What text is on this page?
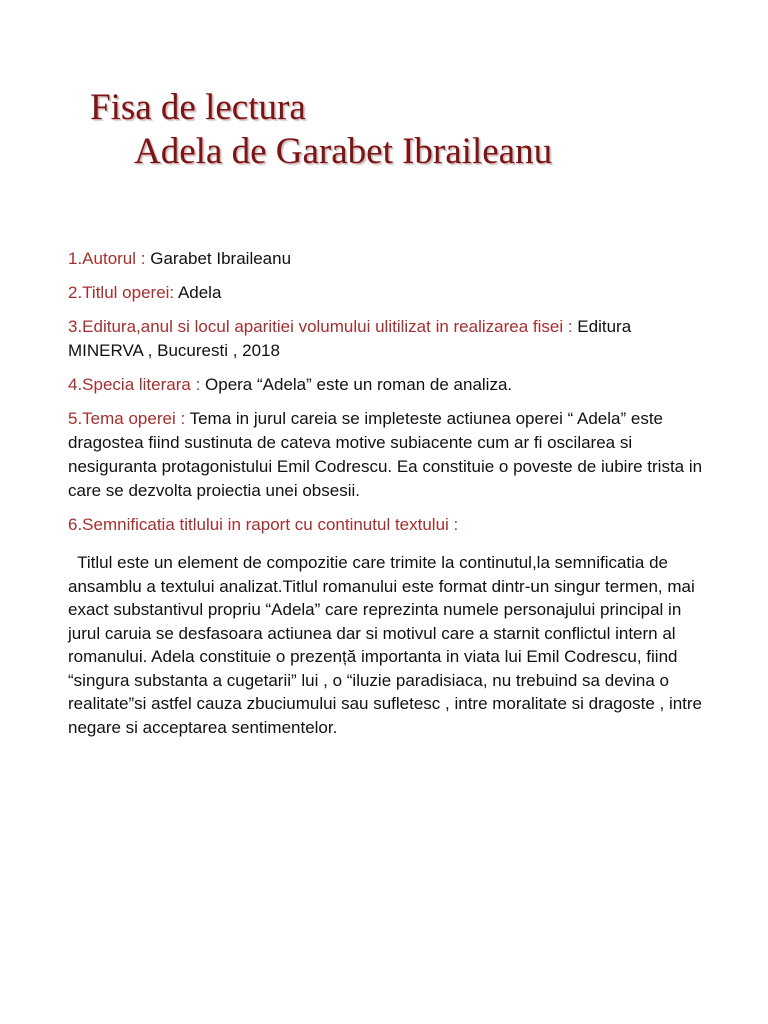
Fisa de lectura
Adela de Garabet Ibraileanu
1.Autorul : Garabet Ibraileanu
2.Titlul operei: Adela
3.Editura,anul si locul aparitiei volumului ulitilizat in realizarea fisei : Editura MINERVA , Bucuresti , 2018
4.Specia literara : Opera “Adela” este un roman de analiza.
5.Tema operei : Tema in jurul careia se impleteste actiunea operei “ Adela” este dragostea fiind sustinuta de cateva motive subiacente cum ar fi oscilarea si nesiguranta protagonistului Emil Codrescu. Ea constituie o poveste de iubire trista in care se dezvolta proiectia unei obsesii.
6.Semnificatia titlului in raport cu continutul textului :
Titlul este un element de compozitie care trimite la continutul,la semnificatia de ansamblu a textului analizat.Titlul romanului este format dintr-un singur termen, mai exact substantivul propriu “Adela” care reprezinta numele personajului principal in jurul caruia se desfasoara actiunea dar si motivul care a starnit conflictul intern al romanului. Adela constituie o prezență importanta in viata lui Emil Codrescu, fiind “singura substanta a cugetarii” lui , o “iluzie paradisiaca, nu trebuind sa devina o realitate”si astfel cauza zbuciumului sau sufletesc , intre moralitate si dragoste , intre negare si acceptarea sentimentelor.
